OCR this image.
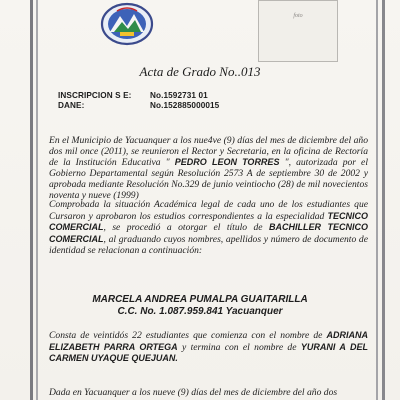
foto
Acta de Grado No..013
INSCRIPCION S E: No.1592731 01
DANE:	No.152885000015
En el Municipio de Yacuanquer a los nue4ve (9) días del mes de diciembre del año dos mil once (2011), se reunieron el Rector y Secretaria, en la oficina de Rectoría de la Institución Educativa " PEDRO LEON TORRES ", autorizada por el Gobierno Departamental según Resolución 2573 A de septiembre 30 de 2002 y aprobada mediante Resolución No.329 de junio veintiocho (28) de mil novecientos noventa y nueve (1999)
Comprobada la situación Académica legal de cada uno de los estudiantes que Cursaron y aprobaron los estudios correspondientes a la especialidad TECNICO COMERCIAL, se procedió a otorgar el título de BACHILLER TECNICO COMERCIAL, al graduando cuyos nombres, apellidos y número de documento de identidad se relacionan a continuación:
MARCELA ANDREA PUMALPA GUAITARILLA
C.C. No. 1.087.959.841 Yacuanquer
Consta de veintidós 22 estudiantes que comienza con el nombre de ADRIANA ELIZABETH PARRA ORTEGA y termina con el nombre de YURANI A DEL CARMEN UYAQUE QUEJUAN.
Dada en Yacuanquer a los nueve (9) días del mes de diciembre del año dos
